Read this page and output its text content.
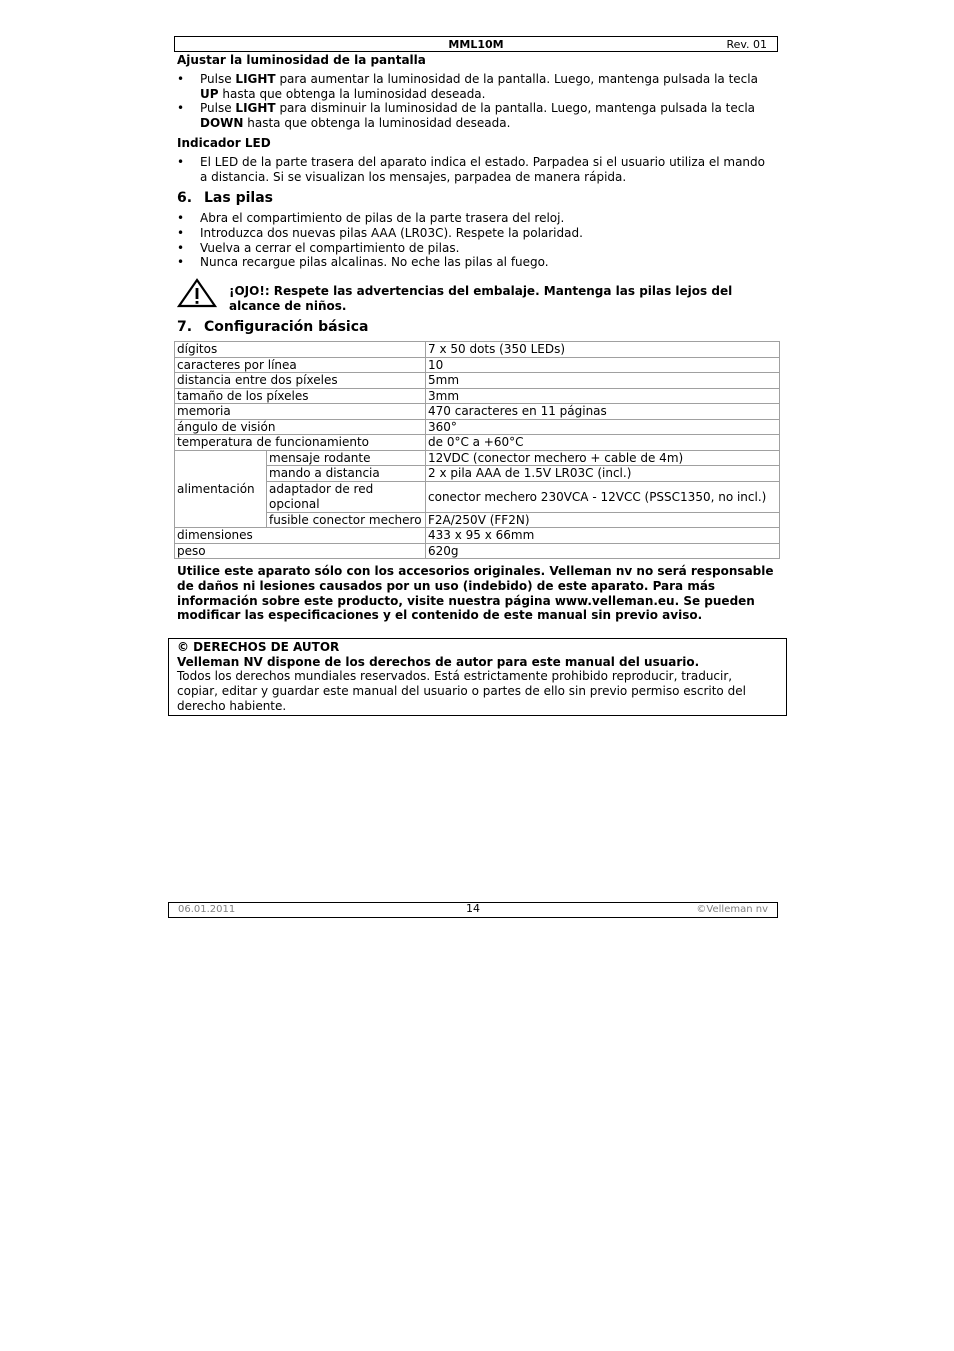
MML10M	Rev. 01
Ajustar la luminosidad de la pantalla
• Pulse LIGHT para aumentar la luminosidad de la pantalla. Luego, mantenga pulsada la tecla
UP hasta que obtenga la luminosidad deseada.
• Pulse LIGHT para disminuir la luminosidad de la pantalla. Luego, mantenga pulsada la tecla
DOWN hasta que obtenga la luminosidad deseada.
Indicador LED
• El LED de la parte trasera del aparato indica el estado. Parpadea si el usuario utiliza el mando
a distancia. Si se visualizan los mensajes, parpadea de manera rápida.
6. Las pilas
• Abra el compartimiento de pilas de la parte trasera del reloj.
• Introduzca dos nuevas pilas AAA (LR03C). Respete la polaridad.
• Vuelva a cerrar el compartimiento de pilas.
• Nunca recargue pilas alcalinas. No eche las pilas al fuego.
¡OJO!: Respete las advertencias del embalaje. Mantenga las pilas lejos del
alcance de niños.
7. Configuración básica
dígitos		7 x 50 dots (350 LEDs)
caracteres por línea		10
distancia entre dos píxeles		5mm
tamaño de los píxeles		3mm
memoria		470 caracteres en 11 páginas
ángulo de visión		360°
temperatura de funcionamiento		de 0°C a +60°C
alimentación	mensaje rodante	12VDC (conector mechero + cable de 4m)
	mando a distancia	2 x pila AAA de 1.5V LR03C (incl.)
	adaptador de red opcional	conector mechero 230VCA - 12VCC (PSSC1350, no incl.)
	fusible conector mechero	F2A/250V (FF2N)
dimensiones		433 x 95 x 66mm
peso		620g
Utilice este aparato sólo con los accesorios originales. Velleman nv no será responsable
de daños ni lesiones causados por un uso (indebido) de este aparato. Para más
información sobre este producto, visite nuestra página www.velleman.eu. Se pueden
modificar las especificaciones y el contenido de este manual sin previo aviso.
© DERECHOS DE AUTOR
Velleman NV dispone de los derechos de autor para este manual del usuario.
Todos los derechos mundiales reservados. Está estrictamente prohibido reproducir, traducir,
copiar, editar y guardar este manual del usuario o partes de ello sin previo permiso escrito del
derecho habiente.
06.01.2011	14	©Velleman nv
